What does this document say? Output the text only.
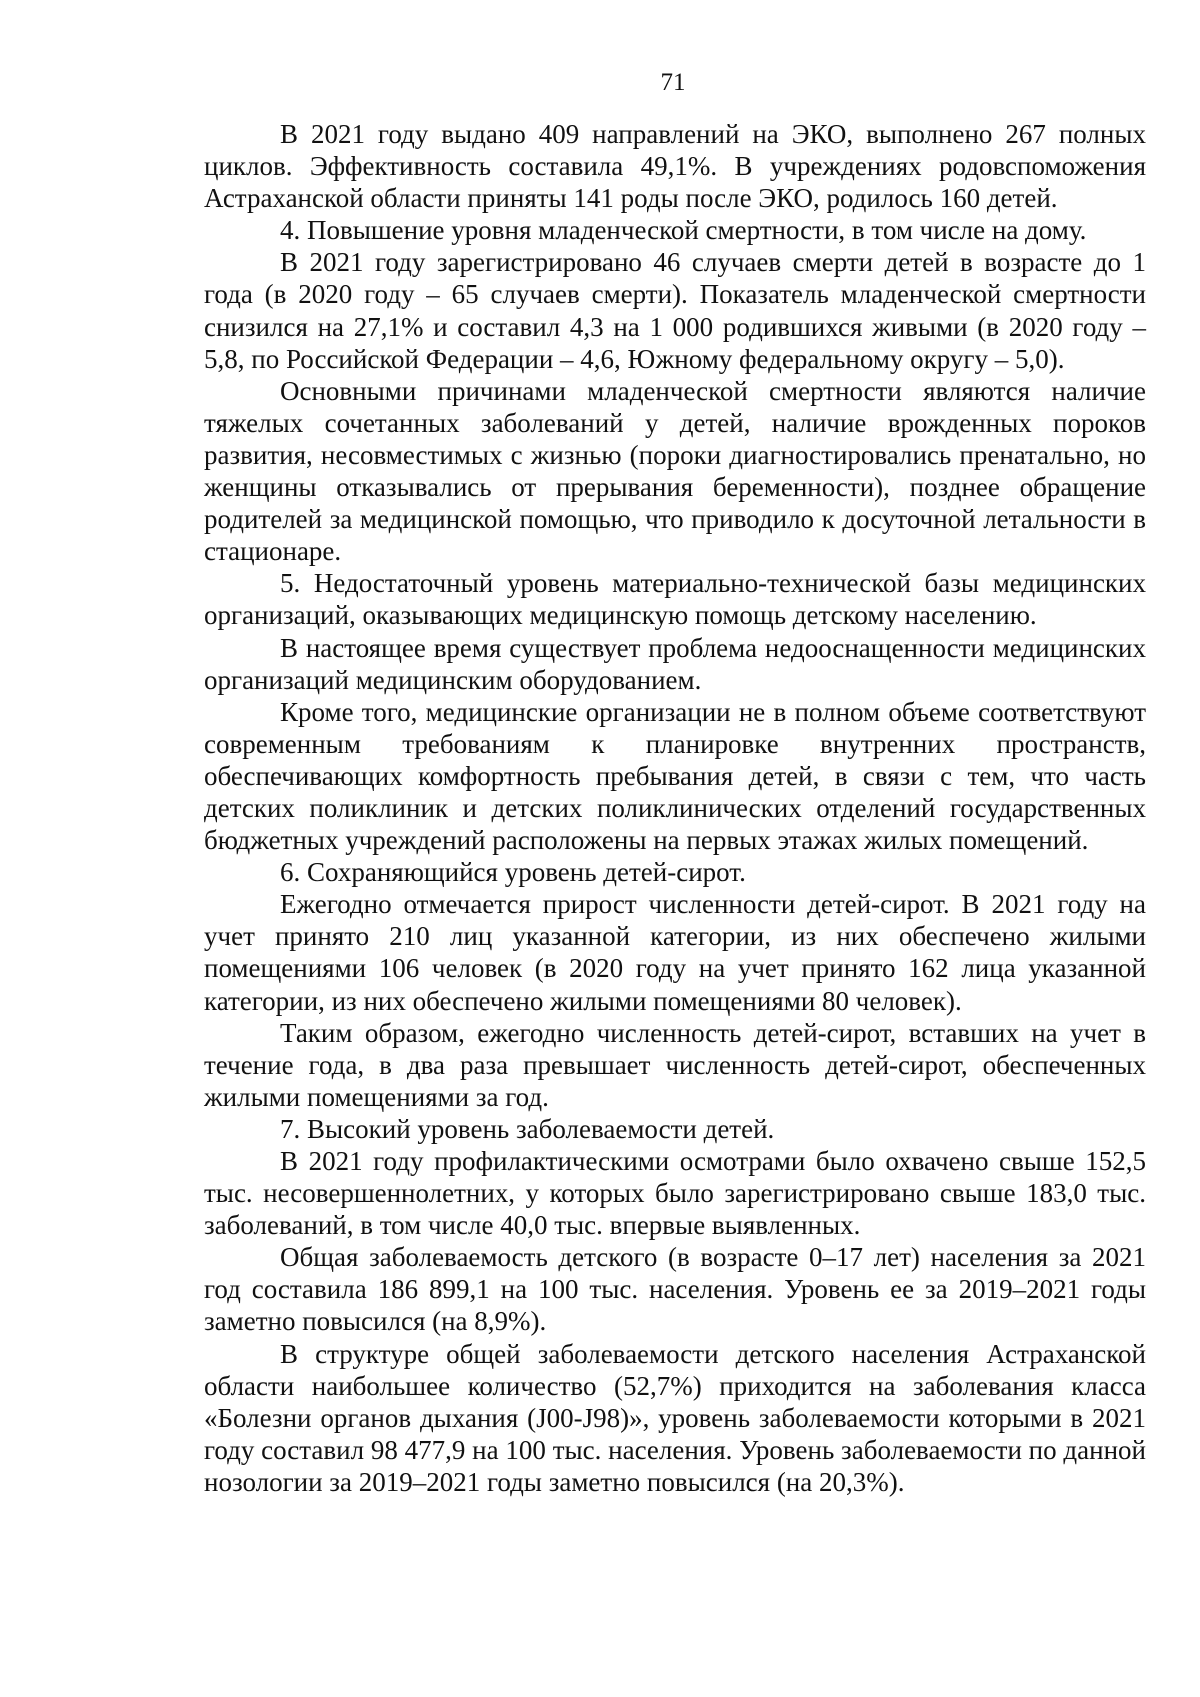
71

В 2021 году выдано 409 направлений на ЭКО, выполнено 267 полных циклов. Эффективность составила 49,1%. В учреждениях родовспоможения Астраханской области приняты 141 роды после ЭКО, родилось 160 детей.

4. Повышение уровня младенческой смертности, в том числе на дому.

В 2021 году зарегистрировано 46 случаев смерти детей в возрасте до 1 года (в 2020 году – 65 случаев смерти). Показатель младенческой смертности снизился на 27,1% и составил 4,3 на 1 000 родившихся живыми (в 2020 году – 5,8, по Российской Федерации – 4,6, Южному федеральному округу – 5,0).

Основными причинами младенческой смертности являются наличие тяжелых сочетанных заболеваний у детей, наличие врожденных пороков развития, несовместимых с жизнью (пороки диагностировались пренатально, но женщины отказывались от прерывания беременности), позднее обращение родителей за медицинской помощью, что приводило к досуточной летальности в стационаре.

5. Недостаточный уровень материально-технической базы медицинских организаций, оказывающих медицинскую помощь детскому населению.

В настоящее время существует проблема недооснащенности медицинских организаций медицинским оборудованием.

Кроме того, медицинские организации не в полном объеме соответствуют современным требованиям к планировке внутренних пространств, обеспечивающих комфортность пребывания детей, в связи с тем, что часть детских поликлиник и детских поликлинических отделений государственных бюджетных учреждений расположены на первых этажах жилых помещений.

6. Сохраняющийся уровень детей-сирот.

Ежегодно отмечается прирост численности детей-сирот. В 2021 году на учет принято 210 лиц указанной категории, из них обеспечено жилыми помещениями 106 человек (в 2020 году на учет принято 162 лица указанной категории, из них обеспечено жилыми помещениями 80 человек).

Таким образом, ежегодно численность детей-сирот, вставших на учет в течение года, в два раза превышает численность детей-сирот, обеспеченных жилыми помещениями за год.

7. Высокий уровень заболеваемости детей.

В 2021 году профилактическими осмотрами было охвачено свыше 152,5 тыс. несовершеннолетних, у которых было зарегистрировано свыше 183,0 тыс. заболеваний, в том числе 40,0 тыс. впервые выявленных.

Общая заболеваемость детского (в возрасте 0–17 лет) населения за 2021 год составила 186 899,1 на 100 тыс. населения. Уровень ее за 2019–2021 годы заметно повысился (на 8,9%).

В структуре общей заболеваемости детского населения Астраханской области наибольшее количество (52,7%) приходится на заболевания класса «Болезни органов дыхания (J00-J98)», уровень заболеваемости которыми в 2021 году составил 98 477,9 на 100 тыс. населения. Уровень заболеваемости по данной нозологии за 2019–2021 годы заметно повысился (на 20,3%).
